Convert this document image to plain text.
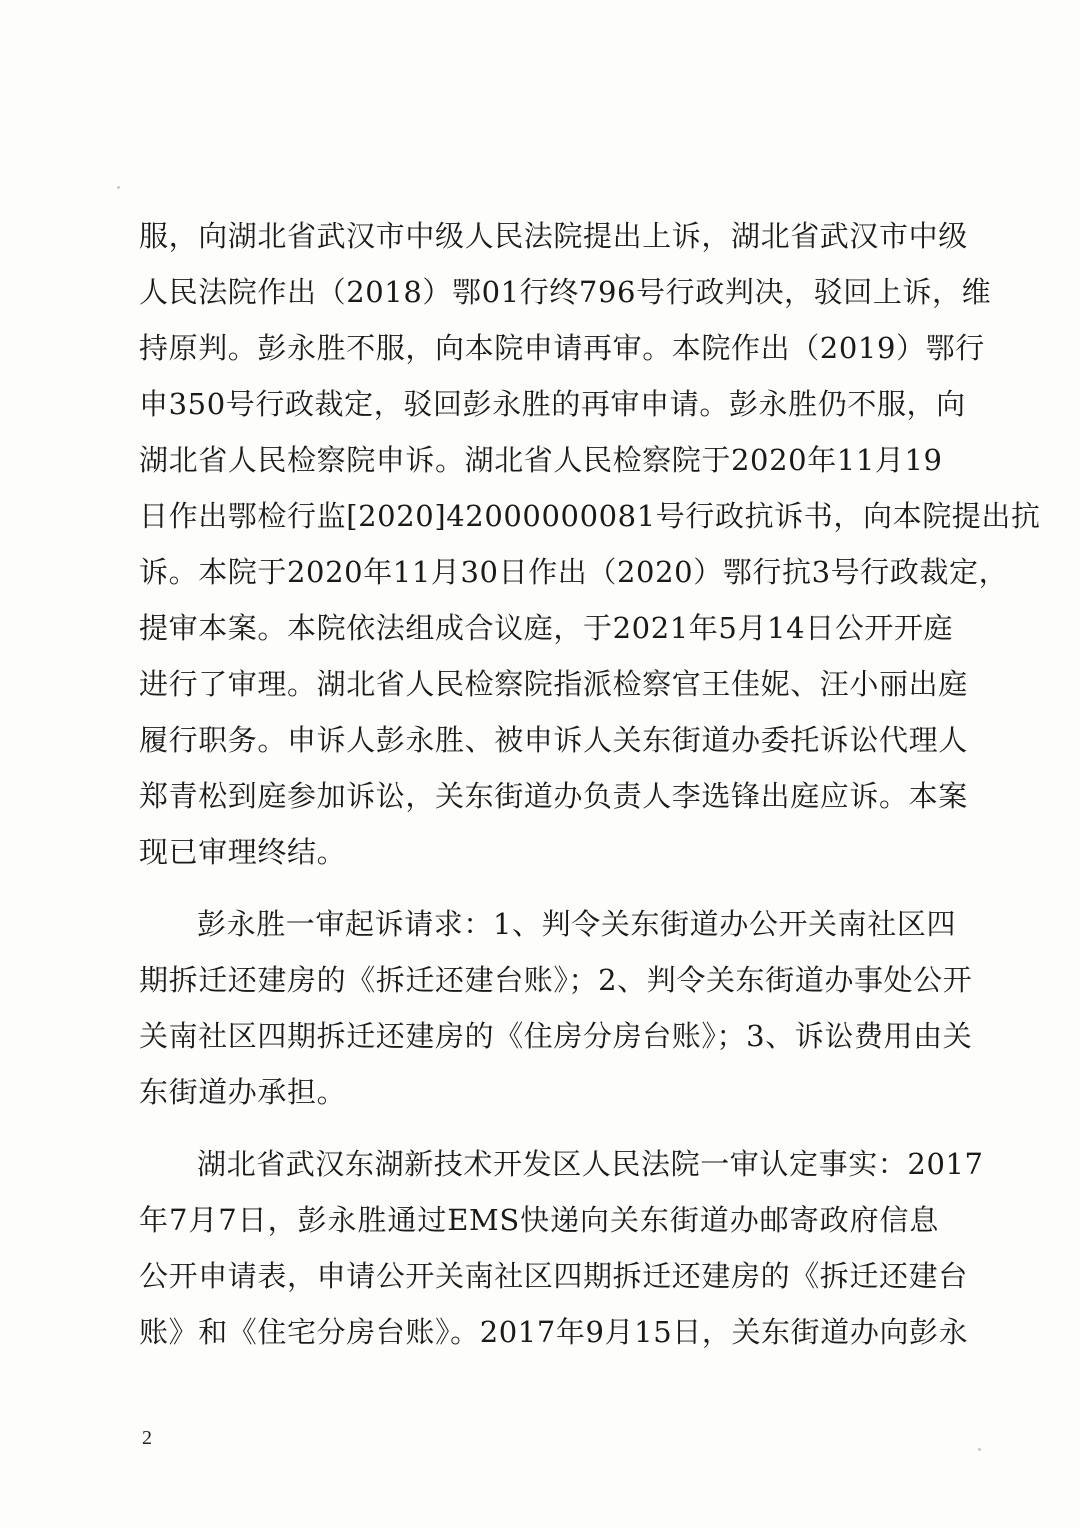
服，向湖北省武汉市中级人民法院提出上诉，湖北省武汉市中级
人民法院作出（2018）鄂01行终796号行政判决，驳回上诉，维
持原判。彭永胜不服，向本院申请再审。本院作出（2019）鄂行
申350号行政裁定，驳回彭永胜的再审申请。彭永胜仍不服，向
湖北省人民检察院申诉。湖北省人民检察院于2020年11月19
日作出鄂检行监[2020]42000000081号行政抗诉书，向本院提出抗
诉。本院于2020年11月30日作出（2020）鄂行抗3号行政裁定，
提审本案。本院依法组成合议庭，于2021年5月14日公开开庭
进行了审理。湖北省人民检察院指派检察官王佳妮、汪小丽出庭
履行职务。申诉人彭永胜、被申诉人关东街道办委托诉讼代理人
郑青松到庭参加诉讼，关东街道办负责人李选锋出庭应诉。本案
现已审理终结。
彭永胜一审起诉请求：1、判令关东街道办公开关南社区四
期拆迁还建房的《拆迁还建台账》；2、判令关东街道办事处公开
关南社区四期拆迁还建房的《住房分房台账》；3、诉讼费用由关
东街道办承担。
湖北省武汉东湖新技术开发区人民法院一审认定事实：2017
年7月7日，彭永胜通过EMS快递向关东街道办邮寄政府信息
公开申请表，申请公开关南社区四期拆迁还建房的《拆迁还建台
账》和《住宅分房台账》。2017年9月15日，关东街道办向彭永
2
